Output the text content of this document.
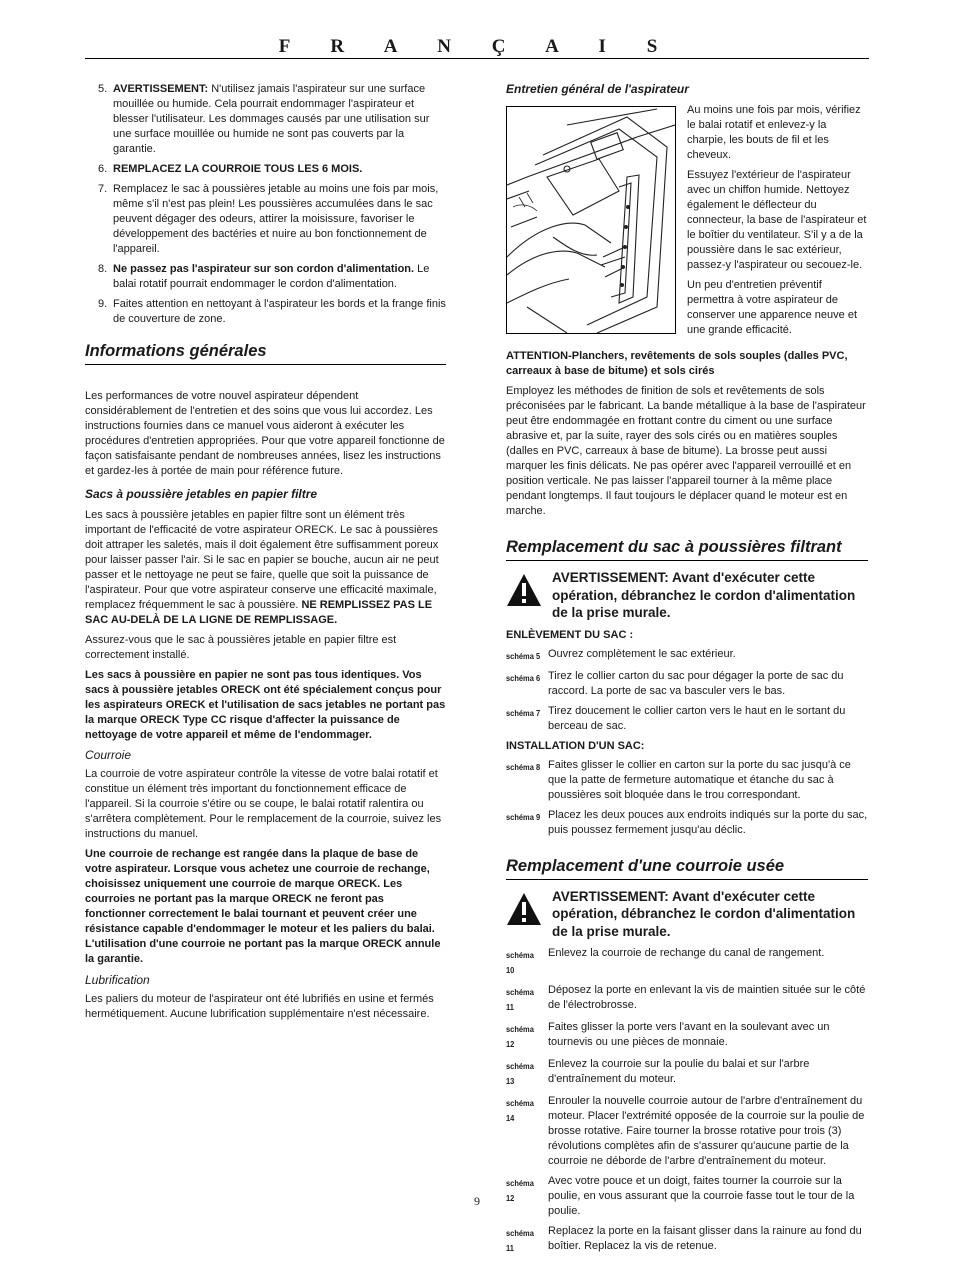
F R A N Ç A I S
5. AVERTISSEMENT: N'utilisez jamais l'aspirateur sur une surface mouillée ou humide. Cela pourrait endommager l'aspirateur et blesser l'utilisateur. Les dommages causés par une utilisation sur une surface mouillée ou humide ne sont pas couverts par la garantie.
6. REMPLACEZ LA COURROIE TOUS LES 6 MOIS.
7. Remplacez le sac à poussières jetable au moins une fois par mois, même s'il n'est pas plein! Les poussières accumulées dans le sac peuvent dégager des odeurs, attirer la moisissure, favoriser le développement des bactéries et nuire au bon fonctionnement de l'appareil.
8. Ne passez pas l'aspirateur sur son cordon d'alimentation. Le balai rotatif pourrait endommager le cordon d'alimentation.
9. Faites attention en nettoyant à l'aspirateur les bords et la frange finis de couverture de zone.
Informations générales

Les performances de votre nouvel aspirateur dépendent considérablement de l'entretien et des soins que vous lui accordez. Les instructions fournies dans ce manuel vous aideront à exécuter les procédures d'entretien appropriées. Pour que votre appareil fonctionne de façon satisfaisante pendant de nombreuses années, lisez les instructions et gardez-les à portée de main pour référence future.

Sacs à poussière jetables en papier filtre

Les sacs à poussière jetables en papier filtre sont un élément très important de l'efficacité de votre aspirateur ORECK. Le sac à poussières doit attraper les saletés, mais il doit également être suffisamment poreux pour laisser passer l'air. Si le sac en papier se bouche, aucun air ne peut passer et le nettoyage ne peut se faire, quelle que soit la puissance de l'aspirateur. Pour que votre aspirateur conserve une efficacité maximale, remplacez fréquemment le sac à poussière. NE REMPLISSEZ PAS LE SAC AU-DELÀ DE LA LIGNE DE REMPLISSAGE.

Assurez-vous que le sac à poussières jetable en papier filtre est correctement installé.

Les sacs à poussière en papier ne sont pas tous identiques. Vos sacs à poussière jetables ORECK ont été spécialement conçus pour les aspirateurs ORECK et l'utilisation de sacs jetables ne portant pas la marque ORECK Type CC risque d'affecter la puissance de nettoyage de votre appareil et même de l'endommager.

Courroie

La courroie de votre aspirateur contrôle la vitesse de votre balai rotatif et constitue un élément très important du fonctionnement efficace de l'appareil. Si la courroie s'étire ou se coupe, le balai rotatif ralentira ou s'arrêtera complètement. Pour le remplacement de la courroie, suivez les instructions du manuel.

Une courroie de rechange est rangée dans la plaque de base de votre aspirateur. Lorsque vous achetez une courroie de rechange, choisissez uniquement une courroie de marque ORECK. Les courroies ne portant pas la marque ORECK ne feront pas fonctionner correctement le balai tournant et peuvent créer une résistance capable d'endommager le moteur et les paliers du balai. L'utilisation d'une courroie ne portant pas la marque ORECK annule la garantie.

Lubrification

Les paliers du moteur de l'aspirateur ont été lubrifiés en usine et fermés hermétiquement. Aucune lubrification supplémentaire n'est nécessaire.

Entretien général de l'aspirateur

Au moins une fois par mois, vérifiez le balai rotatif et enlevez-y la charpie, les bouts de fil et les cheveux.

Essuyez l'extérieur de l'aspirateur avec un chiffon humide. Nettoyez également le déflecteur du connecteur, la base de l'aspirateur et le boîtier du ventilateur. S'il y a de la poussière dans le sac extérieur, passez-y l'aspirateur ou secouez-le.

Un peu d'entretien préventif permettra à votre aspirateur de conserver une apparence neuve et une grande efficacité.

ATTENTION-Planchers, revêtements de sols souples (dalles PVC, carreaux à base de bitume) et sols cirés

Employez les méthodes de finition de sols et revêtements de sols préconisées par le fabricant. La bande métallique à la base de l'aspirateur peut être endommagée en frottant contre du ciment ou une surface abrasive et, par la suite, rayer des sols cirés ou en matières souples (dalles en PVC, carreaux à base de bitume). La brosse peut aussi marquer les finis délicats. Ne pas opérer avec l'appareil verrouillé et en position verticale. Ne pas laisser l'appareil tourner à la même place pendant longtemps. Il faut toujours le déplacer quand le moteur est en marche.

Remplacement du sac à poussières filtrant
AVERTISSEMENT: Avant d'exécuter cette opération, débranchez le cordon d'alimentation de la prise murale.
ENLÈVEMENT DU SAC :
schéma 5 Ouvrez complètement le sac extérieur.
schéma 6 Tirez le collier carton du sac pour dégager la porte de sac du raccord. La porte de sac va basculer vers le bas.
schéma 7 Tirez doucement le collier carton vers le haut en le sortant du berceau de sac.
INSTALLATION D'UN SAC:
schéma 8 Faites glisser le collier en carton sur la porte du sac jusqu'à ce que la patte de fermeture automatique et étanche du sac à poussières soit bloquée dans le trou correspondant.
schéma 9 Placez les deux pouces aux endroits indiqués sur la porte du sac, puis poussez fermement jusqu'au déclic.
Remplacement d'une courroie usée
AVERTISSEMENT: Avant d'exécuter cette opération, débranchez le cordon d'alimentation de la prise murale.
schéma 10
Enlevez la courroie de rechange du canal de rangement.
schéma 11
Déposez la porte en enlevant la vis de maintien située sur le côté de l'électrobrosse.
schéma 12
Faites glisser la porte vers l'avant en la soulevant avec un tournevis ou une pièces de monnaie.
schéma 13
Enlevez la courroie sur la poulie du balai et sur l'arbre d'entraînement du moteur.
schéma 14
Enrouler la nouvelle courroie autour de l'arbre d'entraînement du moteur. Placer l'extrémité opposée de la courroie sur la poulie de brosse rotative. Faire tourner la brosse rotative pour trois (3) révolutions complètes afin de s'assurer qu'aucune partie de la courroie ne déborde de l'arbre d'entraînement du moteur.
schéma 12
Avec votre pouce et un doigt, faites tourner la courroie sur la poulie, en vous assurant que la courroie fasse tout le tour de la poulie.
schéma 11
Replacez la porte en la faisant glisser dans la rainure au fond du boîtier. Replacez la vis de retenue.
9
